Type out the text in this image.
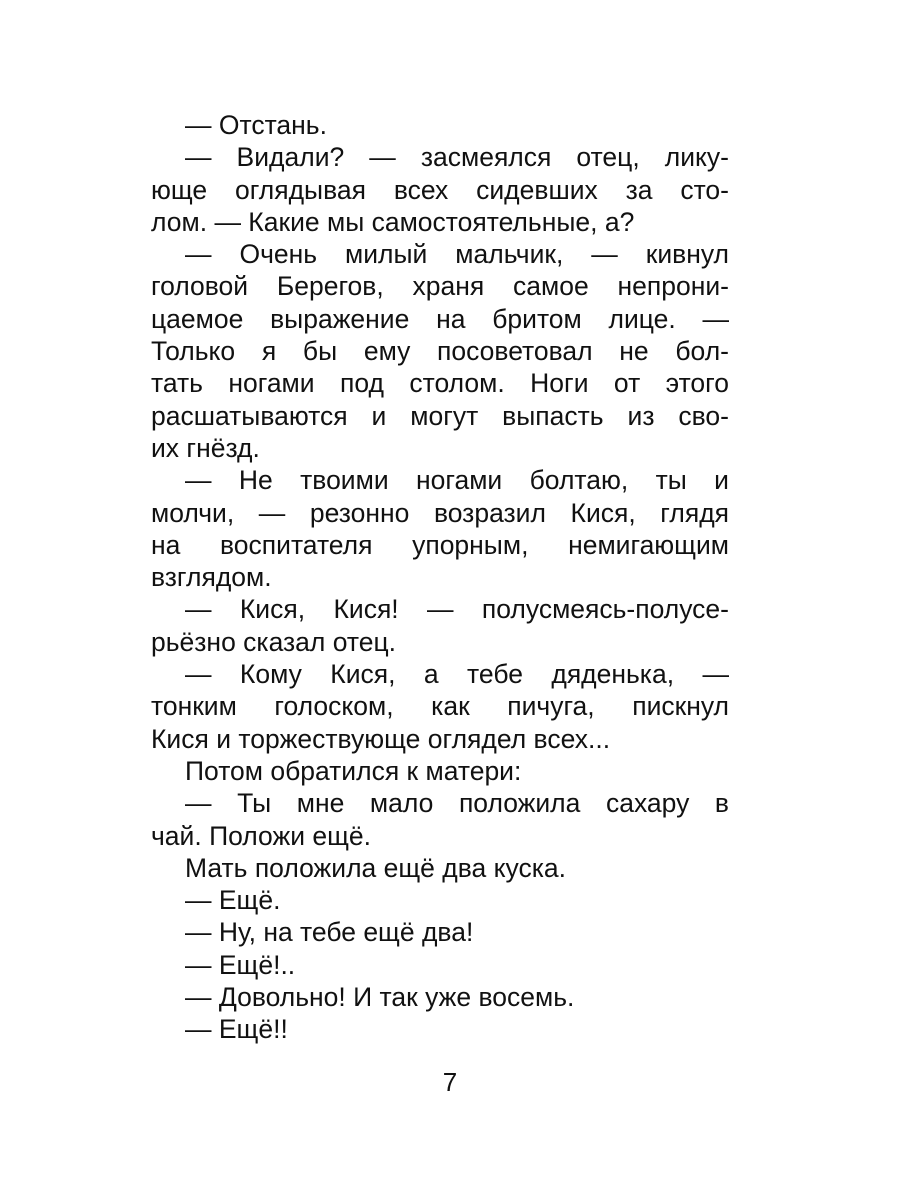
— Отстань.
— Видали? — засмеялся отец, лику-
юще оглядывая всех сидевших за сто-
лом. — Какие мы самостоятельные, а?
— Очень милый мальчик, — кивнул
головой Берегов, храня самое непрони-
цаемое выражение на бритом лице. —
Только я бы ему посоветовал не бол-
тать ногами под столом. Ноги от этого
расшатываются и могут выпасть из сво-
их гнёзд.
— Не твоими ногами болтаю, ты и
молчи, — резонно возразил Кися, глядя
на воспитателя упорным, немигающим
взглядом.
— Кися, Кися! — полусмеясь-полусе-
рьёзно сказал отец.
— Кому Кися, а тебе дяденька, —
тонким голоском, как пичуга, пискнул
Кися и торжествующе оглядел всех...
Потом обратился к матери:
— Ты мне мало положила сахару в
чай. Положи ещё.
Мать положила ещё два куска.
— Ещё.
— Ну, на тебе ещё два!
— Ещё!..
— Довольно! И так уже восемь.
— Ещё!!
7
